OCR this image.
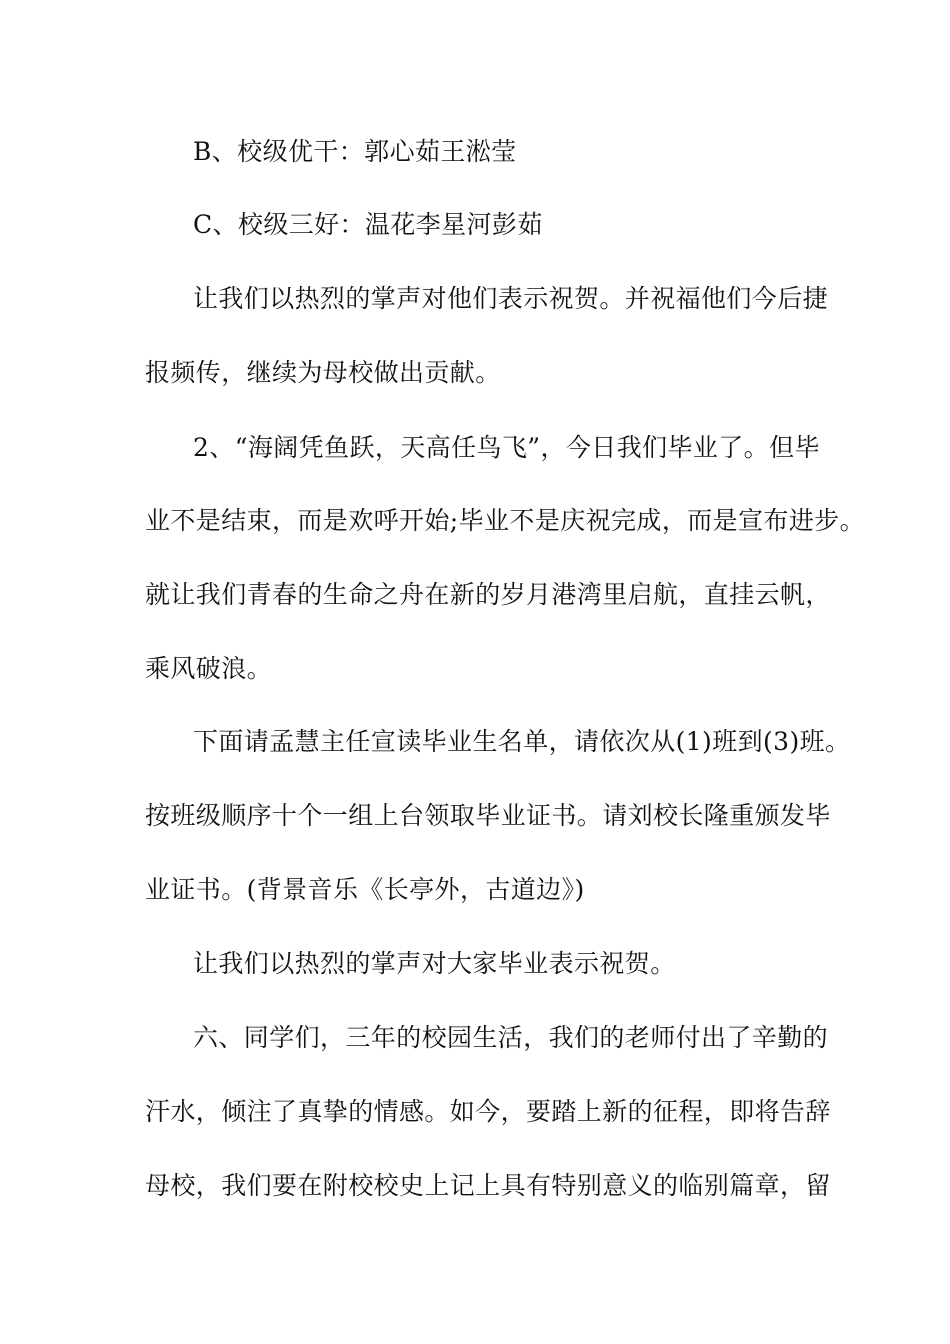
B、校级优干：郭心茹王淞莹
C、校级三好：温花李星河彭茹
让我们以热烈的掌声对他们表示祝贺。并祝福他们今后捷
报频传，继续为母校做出贡献。
2、“海阔凭鱼跃，天高任鸟飞”，今日我们毕业了。但毕
业不是结束，而是欢呼开始;毕业不是庆祝完成，而是宣布进步。
就让我们青春的生命之舟在新的岁月港湾里启航，直挂云帆，
乘风破浪。
下面请孟慧主任宣读毕业生名单，请依次从(1)班到(3)班。
按班级顺序十个一组上台领取毕业证书。请刘校长隆重颁发毕
业证书。(背景音乐《长亭外，古道边》)
让我们以热烈的掌声对大家毕业表示祝贺。
六、同学们，三年的校园生活，我们的老师付出了辛勤的
汗水，倾注了真挚的情感。如今，要踏上新的征程，即将告辞
母校，我们要在附校校史上记上具有特别意义的临别篇章，留
